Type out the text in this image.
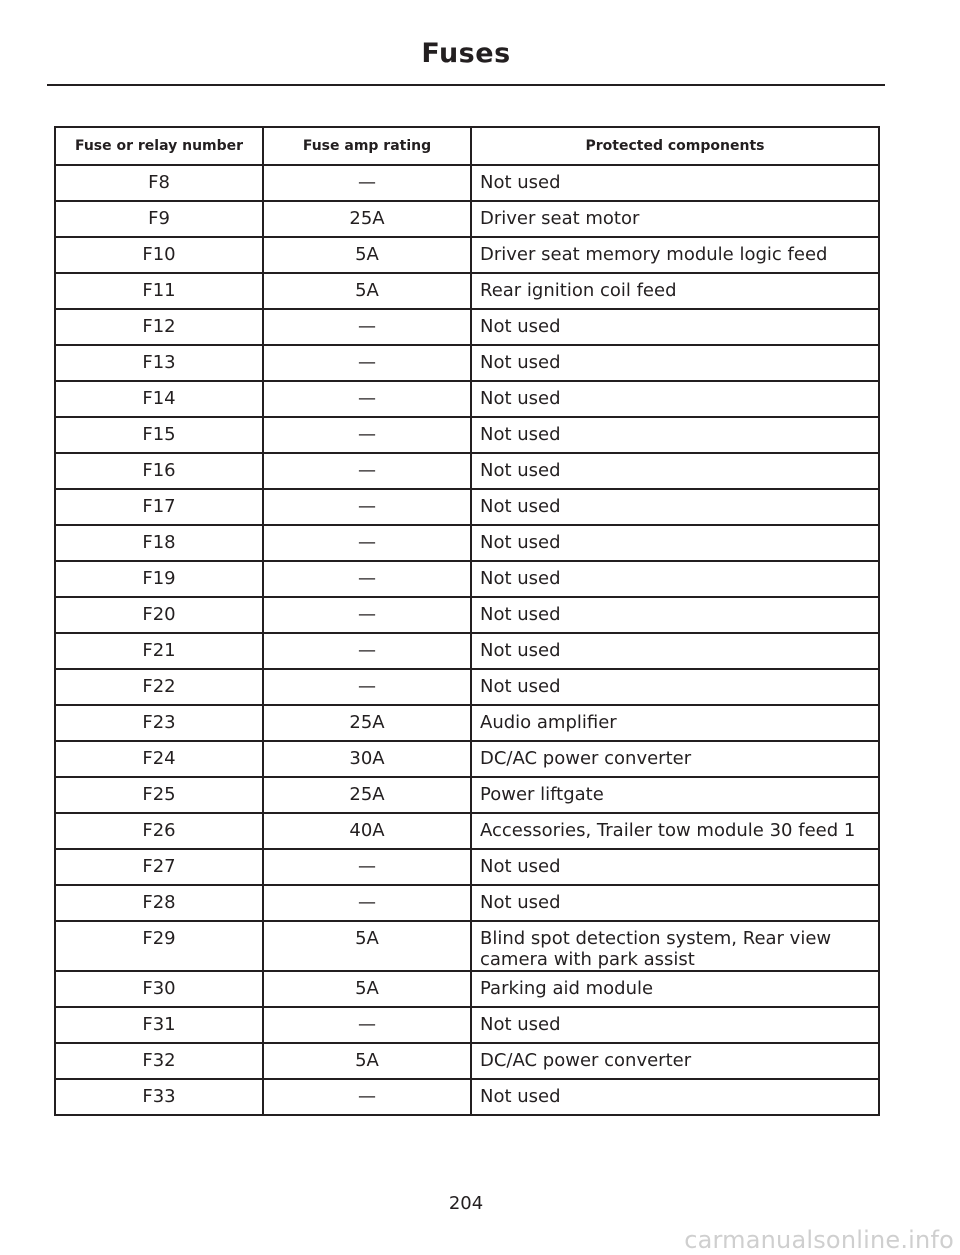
Fuses
Fuse or relay number	Fuse amp rating	Protected components
F8	—	Not used
F9	25A	Driver seat motor
F10	5A	Driver seat memory module logic feed
F11	5A	Rear ignition coil feed
F12	—	Not used
F13	—	Not used
F14	—	Not used
F15	—	Not used
F16	—	Not used
F17	—	Not used
F18	—	Not used
F19	—	Not used
F20	—	Not used
F21	—	Not used
F22	—	Not used
F23	25A	Audio amplifier
F24	30A	DC/AC power converter
F25	25A	Power liftgate
F26	40A	Accessories, Trailer tow module 30 feed 1
F27	—	Not used
F28	—	Not used
F29	5A	Blind spot detection system, Rear view camera with park assist
F30	5A	Parking aid module
F31	—	Not used
F32	5A	DC/AC power converter
F33	—	Not used
204
carmanualsonline.info
